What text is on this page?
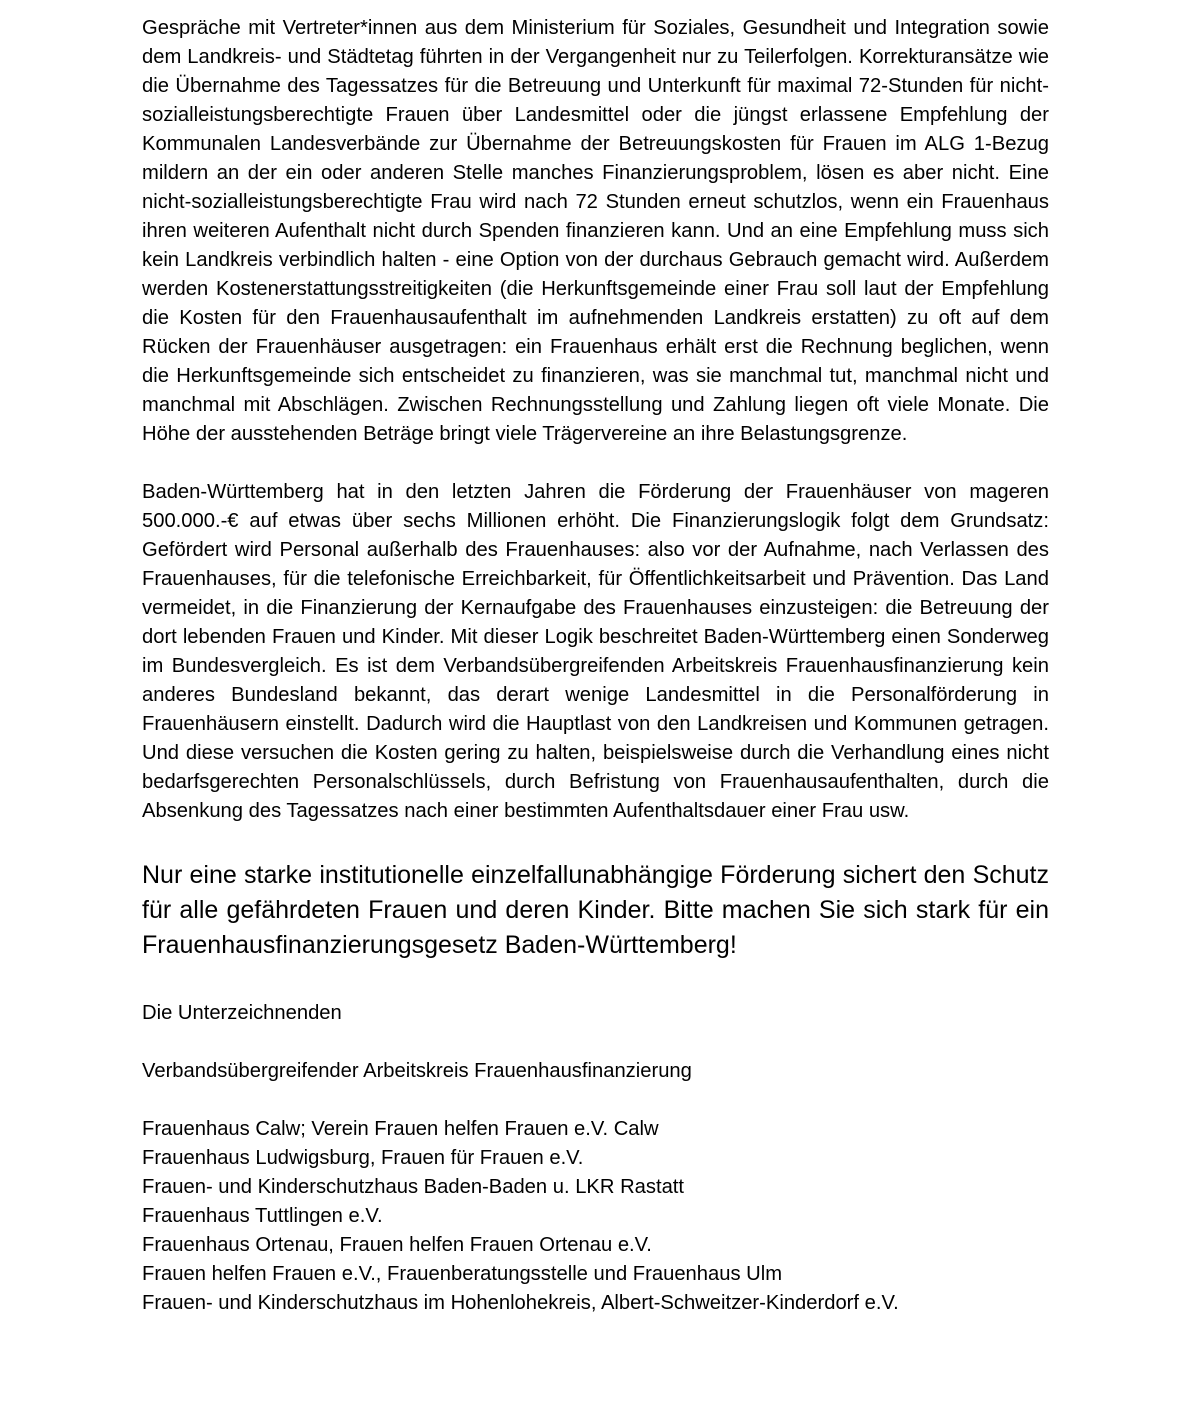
Gespräche mit Vertreter*innen aus dem Ministerium für Soziales, Gesundheit und Integration sowie dem Landkreis- und Städtetag führten in der Vergangenheit nur zu Teilerfolgen. Korrekturansätze wie die Übernahme des Tagessatzes für die Betreuung und Unterkunft für maximal 72-Stunden für nicht-sozialleistungsberechtigte Frauen über Landesmittel oder die jüngst erlassene Empfehlung der Kommunalen Landesverbände zur Übernahme der Betreuungskosten für Frauen im ALG 1-Bezug mildern an der ein oder anderen Stelle manches Finanzierungsproblem, lösen es aber nicht. Eine nicht-sozialleistungsberechtigte Frau wird nach 72 Stunden erneut schutzlos, wenn ein Frauenhaus ihren weiteren Aufenthalt nicht durch Spenden finanzieren kann. Und an eine Empfehlung muss sich kein Landkreis verbindlich halten - eine Option von der durchaus Gebrauch gemacht wird. Außerdem werden Kostenerstattungsstreitigkeiten (die Herkunftsgemeinde einer Frau soll laut der Empfehlung die Kosten für den Frauenhausaufenthalt im aufnehmenden Landkreis erstatten) zu oft auf dem Rücken der Frauenhäuser ausgetragen: ein Frauenhaus erhält erst die Rechnung beglichen, wenn die Herkunftsgemeinde sich entscheidet zu finanzieren, was sie manchmal tut, manchmal nicht und manchmal mit Abschlägen. Zwischen Rechnungsstellung und Zahlung liegen oft viele Monate. Die Höhe der ausstehenden Beträge bringt viele Trägervereine an ihre Belastungsgrenze.

Baden-Württemberg hat in den letzten Jahren die Förderung der Frauenhäuser von mageren 500.000.-€ auf etwas über sechs Millionen erhöht. Die Finanzierungslogik folgt dem Grundsatz: Gefördert wird Personal außerhalb des Frauenhauses: also vor der Aufnahme, nach Verlassen des Frauenhauses, für die telefonische Erreichbarkeit, für Öffentlichkeitsarbeit und Prävention. Das Land vermeidet, in die Finanzierung der Kernaufgabe des Frauenhauses einzusteigen: die Betreuung der dort lebenden Frauen und Kinder. Mit dieser Logik beschreitet Baden-Württemberg einen Sonderweg im Bundesvergleich. Es ist dem Verbandsübergreifenden Arbeitskreis Frauenhausfinanzierung kein anderes Bundesland bekannt, das derart wenige Landesmittel in die Personalförderung in Frauenhäusern einstellt. Dadurch wird die Hauptlast von den Landkreisen und Kommunen getragen. Und diese versuchen die Kosten gering zu halten, beispielsweise durch die Verhandlung eines nicht bedarfsgerechten Personalschlüssels, durch Befristung von Frauenhausaufenthalten, durch die Absenkung des Tagessatzes nach einer bestimmten Aufenthaltsdauer einer Frau usw.

Nur eine starke institutionelle einzelfallunabhängige Förderung sichert den Schutz für alle gefährdeten Frauen und deren Kinder. Bitte machen Sie sich stark für ein Frauenhausfinanzierungsgesetz Baden-Württemberg!

Die Unterzeichnenden

Verbandsübergreifender Arbeitskreis Frauenhausfinanzierung

Frauenhaus Calw; Verein Frauen helfen Frauen e.V. Calw
Frauenhaus Ludwigsburg, Frauen für Frauen e.V.
Frauen- und Kinderschutzhaus Baden-Baden u. LKR Rastatt
Frauenhaus Tuttlingen e.V.
Frauenhaus Ortenau, Frauen helfen Frauen Ortenau e.V.
Frauen helfen Frauen e.V., Frauenberatungsstelle und Frauenhaus Ulm
Frauen- und Kinderschutzhaus im Hohenlohekreis, Albert-Schweitzer-Kinderdorf e.V.
